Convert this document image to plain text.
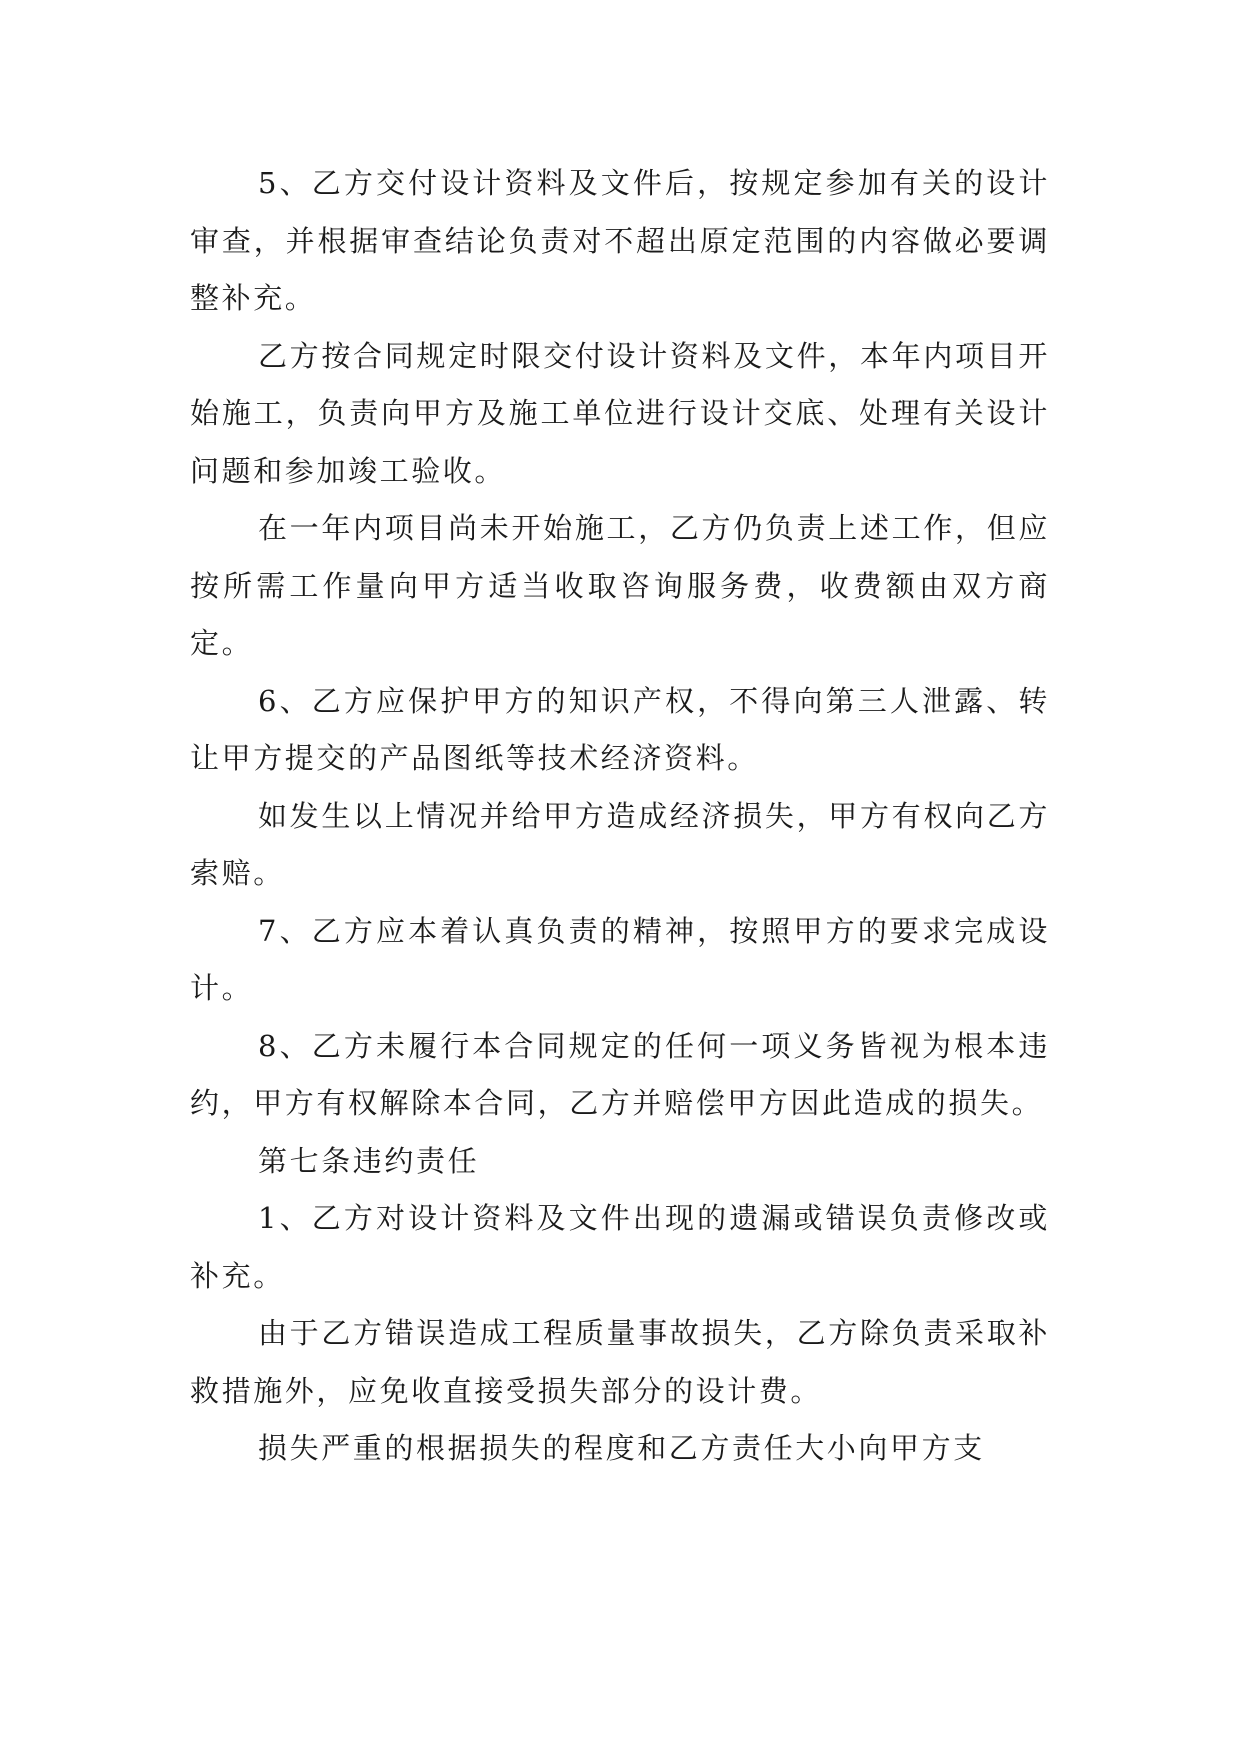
5、乙方交付设计资料及文件后，按规定参加有关的设计审查，并根据审查结论负责对不超出原定范围的内容做必要调整补充。

乙方按合同规定时限交付设计资料及文件，本年内项目开始施工，负责向甲方及施工单位进行设计交底、处理有关设计问题和参加竣工验收。

在一年内项目尚未开始施工，乙方仍负责上述工作，但应按所需工作量向甲方适当收取咨询服务费，收费额由双方商定。

6、乙方应保护甲方的知识产权，不得向第三人泄露、转让甲方提交的产品图纸等技术经济资料。

如发生以上情况并给甲方造成经济损失，甲方有权向乙方索赔。

7、乙方应本着认真负责的精神，按照甲方的要求完成设计。

8、乙方未履行本合同规定的任何一项义务皆视为根本违约，甲方有权解除本合同，乙方并赔偿甲方因此造成的损失。

第七条违约责任

1、乙方对设计资料及文件出现的遗漏或错误负责修改或补充。

由于乙方错误造成工程质量事故损失，乙方除负责采取补救措施外，应免收直接受损失部分的设计费。

损失严重的根据损失的程度和乙方责任大小向甲方支
